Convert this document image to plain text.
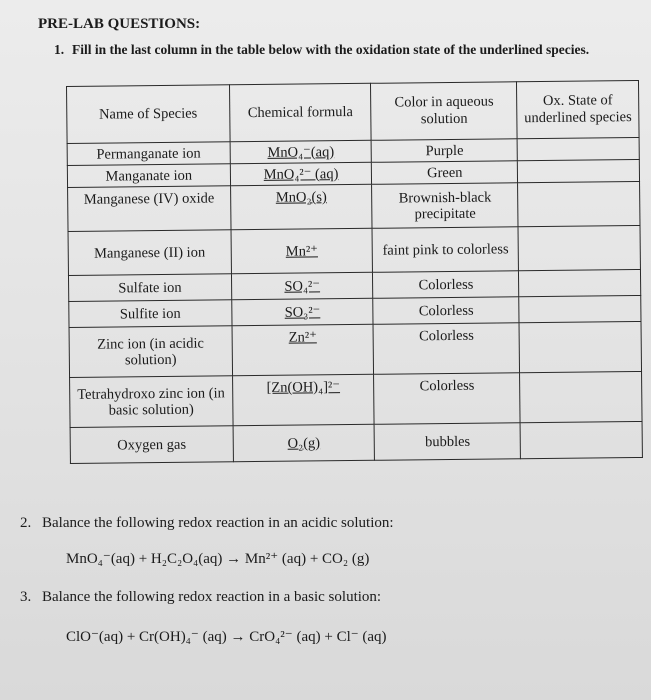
PRE-LAB QUESTIONS:
1. Fill in the last column in the table below with the oxidation state of the underlined species.
Name of Species	Chemical formula	Color in aqueous solution	Ox. State of underlined species
Permanganate ion	MnO₄⁻(aq)	Purple	
Manganate ion	MnO₄²⁻ (aq)	Green	
Manganese (IV) oxide	MnO₂(s)	Brownish-black precipitate	
Manganese (II) ion	Mn²⁺	faint pink to colorless	
Sulfate ion	SO₄²⁻	Colorless	
Sulfite ion	SO₃²⁻	Colorless	
Zinc ion (in acidic solution)	Zn²⁺	Colorless	
Tetrahydroxo zinc ion (in basic solution)	[Zn(OH)₄]²⁻	Colorless	
Oxygen gas	O₂(g)	bubbles	
2. Balance the following redox reaction in an acidic solution:
MnO₄⁻(aq) + H₂C₂O₄(aq) → Mn²⁺ (aq) + CO₂ (g)
3. Balance the following redox reaction in a basic solution:
ClO⁻(aq) + Cr(OH)₄⁻ (aq) → CrO₄²⁻ (aq) + Cl⁻ (aq)
